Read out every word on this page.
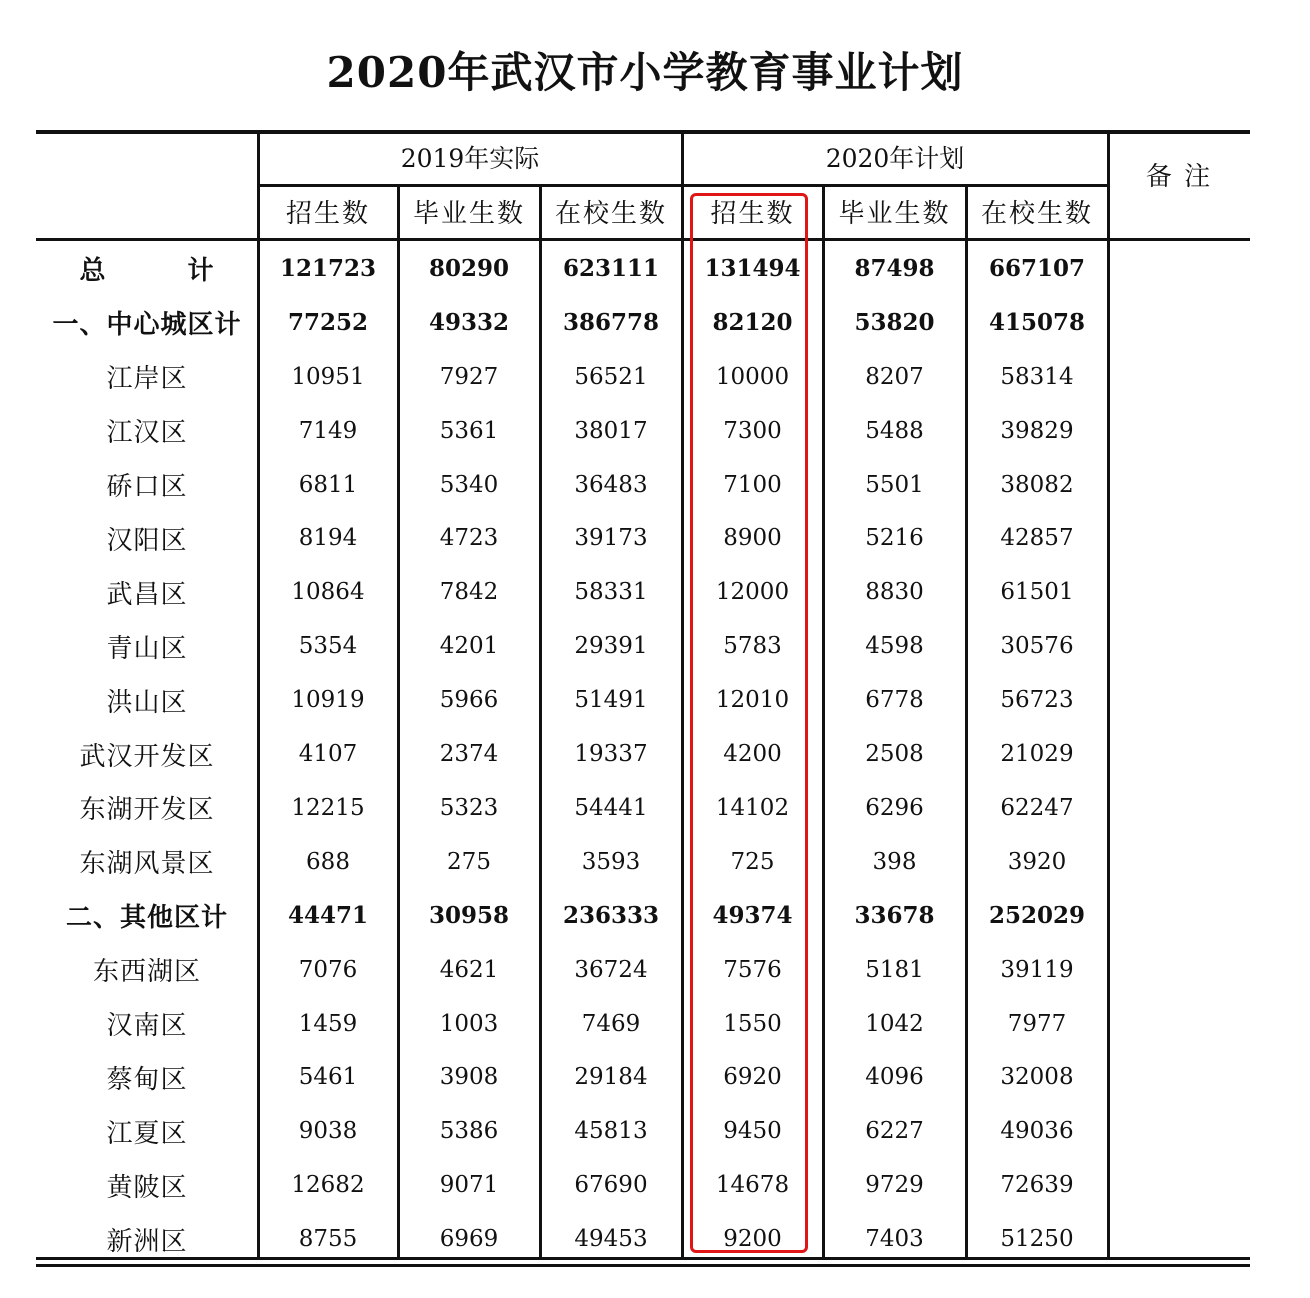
2020年武汉市小学教育事业计划
2019年实际	2020年计划
备 注
招生数	毕业生数	在校生数	招生数	毕业生数	在校生数
总　　　计	121723	80290	623111	131494	87498	667107
一、中心城区计	77252	49332	386778	82120	53820	415078
江岸区	10951	7927	56521	10000	8207	58314
江汉区	7149	5361	38017	7300	5488	39829
硚口区	6811	5340	36483	7100	5501	38082
汉阳区	8194	4723	39173	8900	5216	42857
武昌区	10864	7842	58331	12000	8830	61501
青山区	5354	4201	29391	5783	4598	30576
洪山区	10919	5966	51491	12010	6778	56723
武汉开发区	4107	2374	19337	4200	2508	21029
东湖开发区	12215	5323	54441	14102	6296	62247
东湖风景区	688	275	3593	725	398	3920
二、其他区计	44471	30958	236333	49374	33678	252029
东西湖区	7076	4621	36724	7576	5181	39119
汉南区	1459	1003	7469	1550	1042	7977
蔡甸区	5461	3908	29184	6920	4096	32008
江夏区	9038	5386	45813	9450	6227	49036
黄陂区	12682	9071	67690	14678	9729	72639
新洲区	8755	6969	49453	9200	7403	51250
